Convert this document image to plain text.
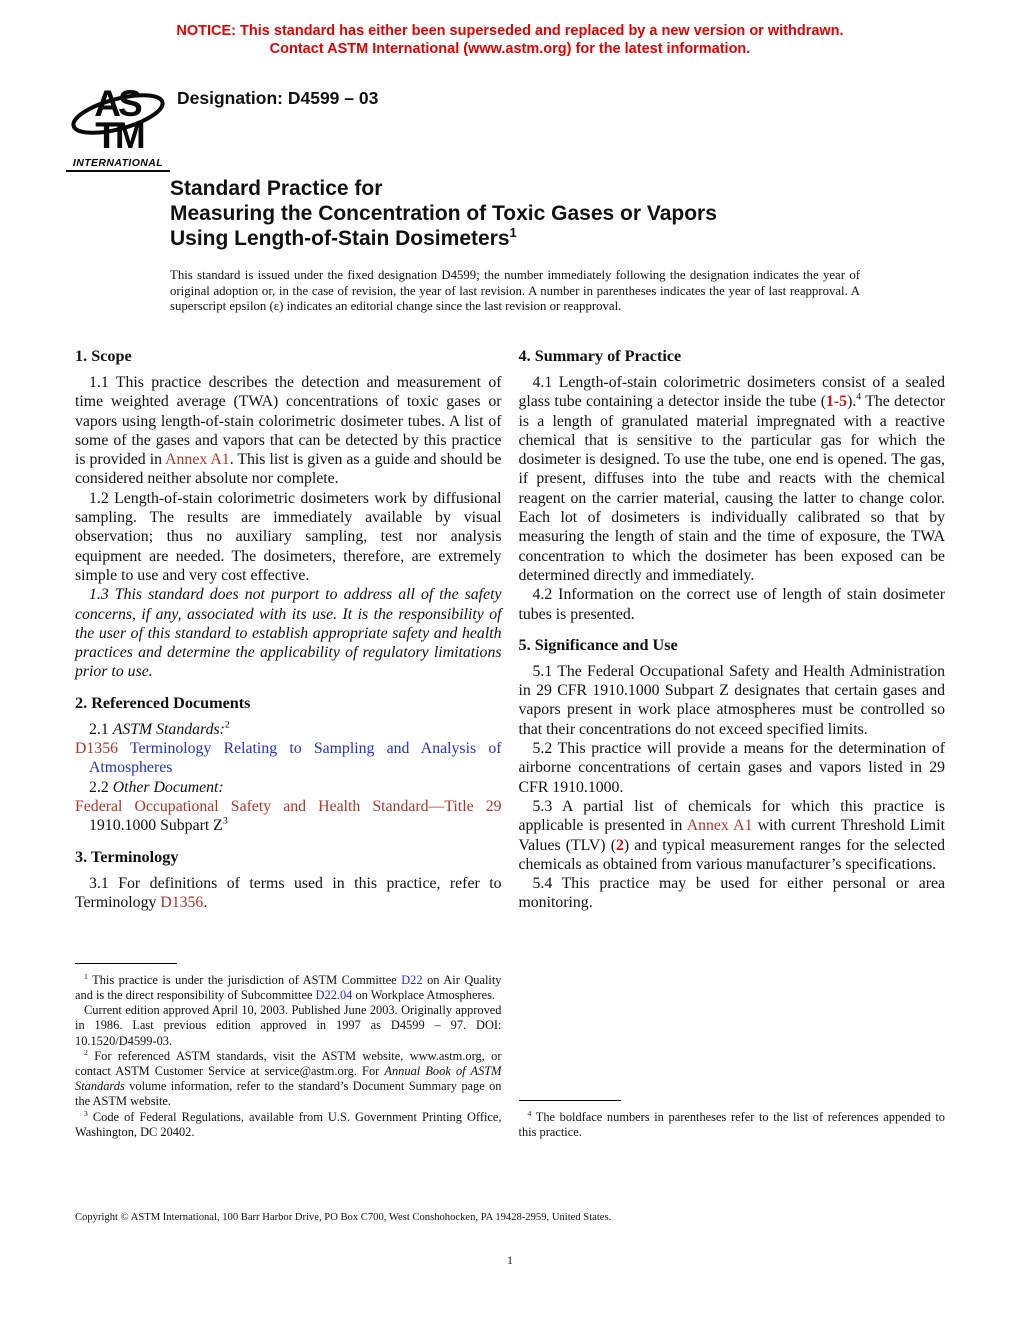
NOTICE: This standard has either been superseded and replaced by a new version or withdrawn.
Contact ASTM International (www.astm.org) for the latest information.
AS
TM
INTERNATIONAL
Designation: D4599 – 03
Standard Practice for
Measuring the Concentration of Toxic Gases or Vapors
Using Length-of-Stain Dosimeters$^1$

This standard is issued under the fixed designation D4599; the number immediately following the designation indicates the year of original adoption or, in the case of revision, the year of last revision. A number in parentheses indicates the year of last reapproval. A superscript epsilon (ε) indicates an editorial change since the last revision or reapproval.

1. Scope

1.1 This practice describes the detection and measurement of time weighted average (TWA) concentrations of toxic gases or vapors using length-of-stain colorimetric dosimeter tubes. A list of some of the gases and vapors that can be detected by this practice is provided in Annex A1. This list is given as a guide and should be considered neither absolute nor complete.

1.2 Length-of-stain colorimetric dosimeters work by diffusional sampling. The results are immediately available by visual observation; thus no auxiliary sampling, test nor analysis equipment are needed. The dosimeters, therefore, are extremely simple to use and very cost effective.

1.3 This standard does not purport to address all of the safety concerns, if any, associated with its use. It is the responsibility of the user of this standard to establish appropriate safety and health practices and determine the applicability of regulatory limitations prior to use.

2. Referenced Documents

2.1 ASTM Standards:$^2$

D1356 Terminology Relating to Sampling and Analysis of Atmospheres

2.2 Other Document:

Federal Occupational Safety and Health Standard—Title 29 1910.1000 Subpart $Z^3$

3. Terminology

3.1 For definitions of terms used in this practice, refer to Terminology D1356.

$^1$ This practice is under the jurisdiction of ASTM Committee D22 on Air Quality and is the direct responsibility of Subcommittee D22.04 on Workplace Atmospheres.

Current edition approved April 10, 2003. Published June 2003. Originally approved in 1986. Last previous edition approved in 1997 as D4599 – 97. DOI: 10.1520/D4599-03.

$^2$ For referenced ASTM standards, visit the ASTM website, www.astm.org, or contact ASTM Customer Service at service@astm.org. For Annual Book of ASTM Standards volume information, refer to the standard’s Document Summary page on the ASTM website.

$^3$ Code of Federal Regulations, available from U.S. Government Printing Office, Washington, DC 20402.

4. Summary of Practice

4.1 Length-of-stain colorimetric dosimeters consist of a sealed glass tube containing a detector inside the tube (1-5).$^4$ The detector is a length of granulated material impregnated with a reactive chemical that is sensitive to the particular gas for which the dosimeter is designed. To use the tube, one end is opened. The gas, if present, diffuses into the tube and reacts with the chemical reagent on the carrier material, causing the latter to change color. Each lot of dosimeters is individually calibrated so that by measuring the length of stain and the time of exposure, the TWA concentration to which the dosimeter has been exposed can be determined directly and immediately.

4.2 Information on the correct use of length of stain dosimeter tubes is presented.

5. Significance and Use

5.1 The Federal Occupational Safety and Health Administration in 29 CFR 1910.1000 Subpart Z designates that certain gases and vapors present in work place atmospheres must be controlled so that their concentrations do not exceed specified limits.

5.2 This practice will provide a means for the determination of airborne concentrations of certain gases and vapors listed in 29 CFR 1910.1000.

5.3 A partial list of chemicals for which this practice is applicable is presented in Annex A1 with current Threshold Limit Values (TLV) (2) and typical measurement ranges for the selected chemicals as obtained from various manufacturer’s specifications.

5.4 This practice may be used for either personal or area monitoring.

$^4$ The boldface numbers in parentheses refer to the list of references appended to this practice.

Copyright © ASTM International, 100 Barr Harbor Drive, PO Box C700, West Conshohocken, PA 19428-2959, United States.
1
